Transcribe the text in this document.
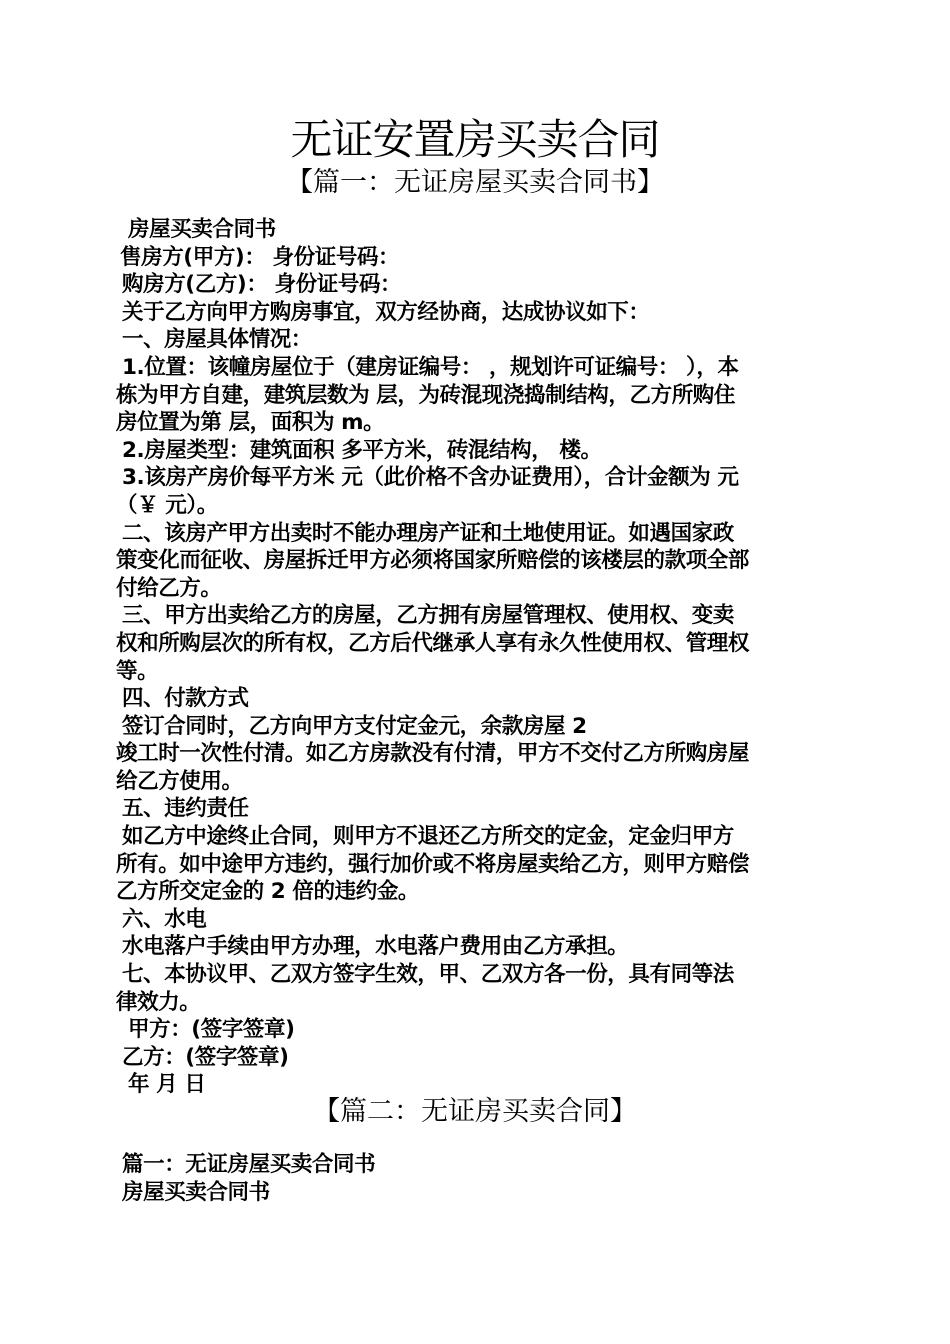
无证安置房买卖合同
【篇一：无证房屋买卖合同书】

房屋买卖合同书

售房方(甲方)： 身份证号码：

购房方(乙方)： 身份证号码：

关于乙方向甲方购房事宜，双方经协商，达成协议如下：

一、房屋具体情况：

1.位置：该幢房屋位于（建房证编号： ，规划许可证编号： ），本

栋为甲方自建，建筑层数为 层，为砖混现浇捣制结构，乙方所购住

房位置为第 层，面积为 m。

2.房屋类型：建筑面积 多平方米，砖混结构， 楼。

3.该房产房价每平方米 元（此价格不含办证费用），合计金额为 元

（￥ 元）。

二、该房产甲方出卖时不能办理房产证和土地使用证。如遇国家政

策变化而征收、房屋拆迁甲方必须将国家所赔偿的该楼层的款项全部

付给乙方。

三、甲方出卖给乙方的房屋，乙方拥有房屋管理权、使用权、变卖

权和所购层次的所有权，乙方后代继承人享有永久性使用权、管理权

等。

四、付款方式

签订合同时，乙方向甲方支付定金元，余款房屋 2

竣工时一次性付清。如乙方房款没有付清，甲方不交付乙方所购房屋

给乙方使用。

五、违约责任

如乙方中途终止合同，则甲方不退还乙方所交的定金，定金归甲方

所有。如中途甲方违约，强行加价或不将房屋卖给乙方，则甲方赔偿

乙方所交定金的 2 倍的违约金。

六、水电

水电落户手续由甲方办理，水电落户费用由乙方承担。

七、本协议甲、乙双方签字生效，甲、乙双方各一份，具有同等法

律效力。

甲方：(签字签章)

乙方：(签字签章)

年 月 日

【篇二：无证房买卖合同】

篇一：无证房屋买卖合同书

房屋买卖合同书
